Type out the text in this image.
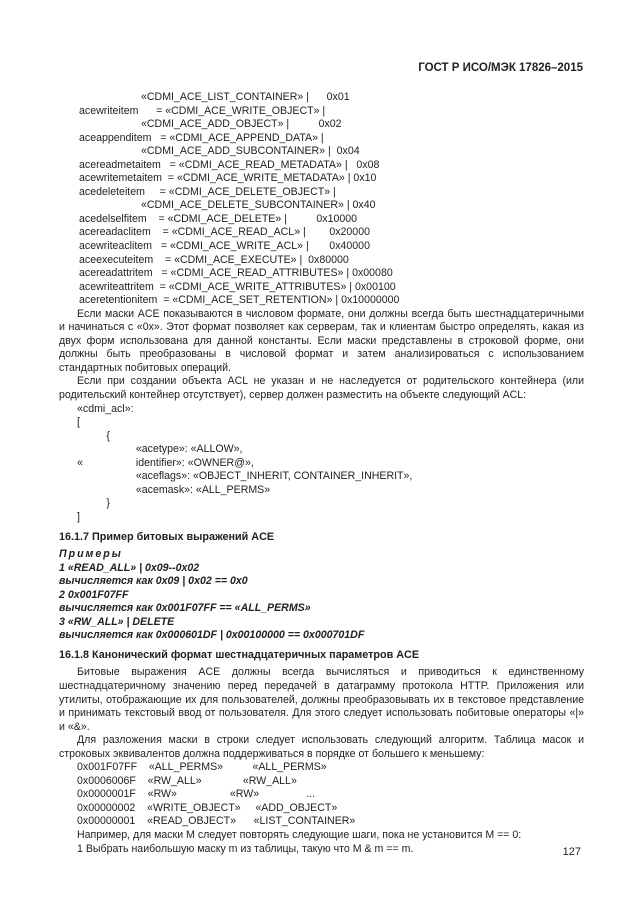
ГОСТ Р ИСО/МЭК 17826–2015
«CDMI_ACE_LIST_CONTAINER» |      0x01
acewriteitem      = «CDMI_ACE_WRITE_OBJECT» |
«CDMI_ACE_ADD_OBJECT» |          0x02
aceappenditem   = «CDMI_ACE_APPEND_DATA» |
«CDMI_ACE_ADD_SUBCONTAINER» |  0x04
acereadmetaitem   = «CDMI_ACE_READ_METADATA» |   0x08
acewritemetaitem  = «CDMI_ACE_WRITE_METADATA» | 0x10
acedeleteitem     = «CDMI_ACE_DELETE_OBJECT» |
«CDMI_ACE_DELETE_SUBCONTAINER» | 0x40
acedelselfitem    = «CDMI_ACE_DELETE» |          0x10000
acereadaclitem    = «CDMI_ACE_READ_ACL» |        0x20000
acewriteaclitem   = «CDMI_ACE_WRITE_ACL» |       0x40000
aceexecuteitem    = «CDMI_ACE_EXECUTE» |  0x80000
acereadattritem   = «CDMI_ACE_READ_ATTRIBUTES» | 0x00080
acewriteattritem  = «CDMI_ACE_WRITE_ATTRIBUTES» | 0x00100
aceretentionitem  = «CDMI_ACE_SET_RETENTION» | 0x10000000
Если маски ACE показываются в числовом формате, они должны всегда быть шестнадцатеричными и начинаться с «0x». Этот формат позволяет как серверам, так и клиентам быстро определять, какая из двух форм использована для данной константы. Если маски представлены в строковой форме, они должны быть преобразованы в числовой формат и затем анализироваться с использованием стандартных побитовых операций.
Если при создании объекта ACL не указан и не наследуется от родительского контейнера (или родительский контейнер отсутствует), сервер должен разместить на объекте следующий ACL:
«cdmi_acl»:
[
{
«acetype»: «ALLOW»,
«                  identifier»: «OWNER@»,
«aceflags»: «OBJECT_INHERIT, CONTAINER_INHERIT»,
«acemask»: «ALL_PERMS»
}
]
16.1.7 Пример битовых выражений ACE
Примеры
1 «READ_ALL» | 0x09--0x02
вычисляется как 0x09 | 0x02 == 0x0
2 0x001F07FF
вычисляется как 0x001F07FF == «ALL_PERMS»
3 «RW_ALL» | DELETE
вычисляется как 0x000601DF | 0x00100000 == 0x000701DF
16.1.8 Канонический формат шестнадцатеричных параметров ACE
Битовые выражения ACE должны всегда вычисляться и приводиться к единственному шестнадцатеричному значению перед передачей в датаграмму протокола HTTP. Приложения или утилиты, отображающие их для пользователей, должны преобразовывать их в текстовое представление и принимать текстовый ввод от пользователя. Для этого следует использовать побитовые операторы «|» и «&».
Для разложения маски в строки следует использовать следующий алгоритм. Таблица масок и строковых эквивалентов должна поддерживаться в порядке от большего к меньшему:
0x001F07FF    «ALL_PERMS»          «ALL_PERMS»
0x0006006F    «RW_ALL»              «RW_ALL»
0x0000001F    «RW»                  «RW»                ...
0x00000002    «WRITE_OBJECT»     «ADD_OBJECT»
0x00000001    «READ_OBJECT»      «LIST_CONTAINER»
Например, для маски M следует повторять следующие шаги, пока не установится M == 0:
1 Выбрать наибольшую маску m из таблицы, такую что M & m == m.	127
